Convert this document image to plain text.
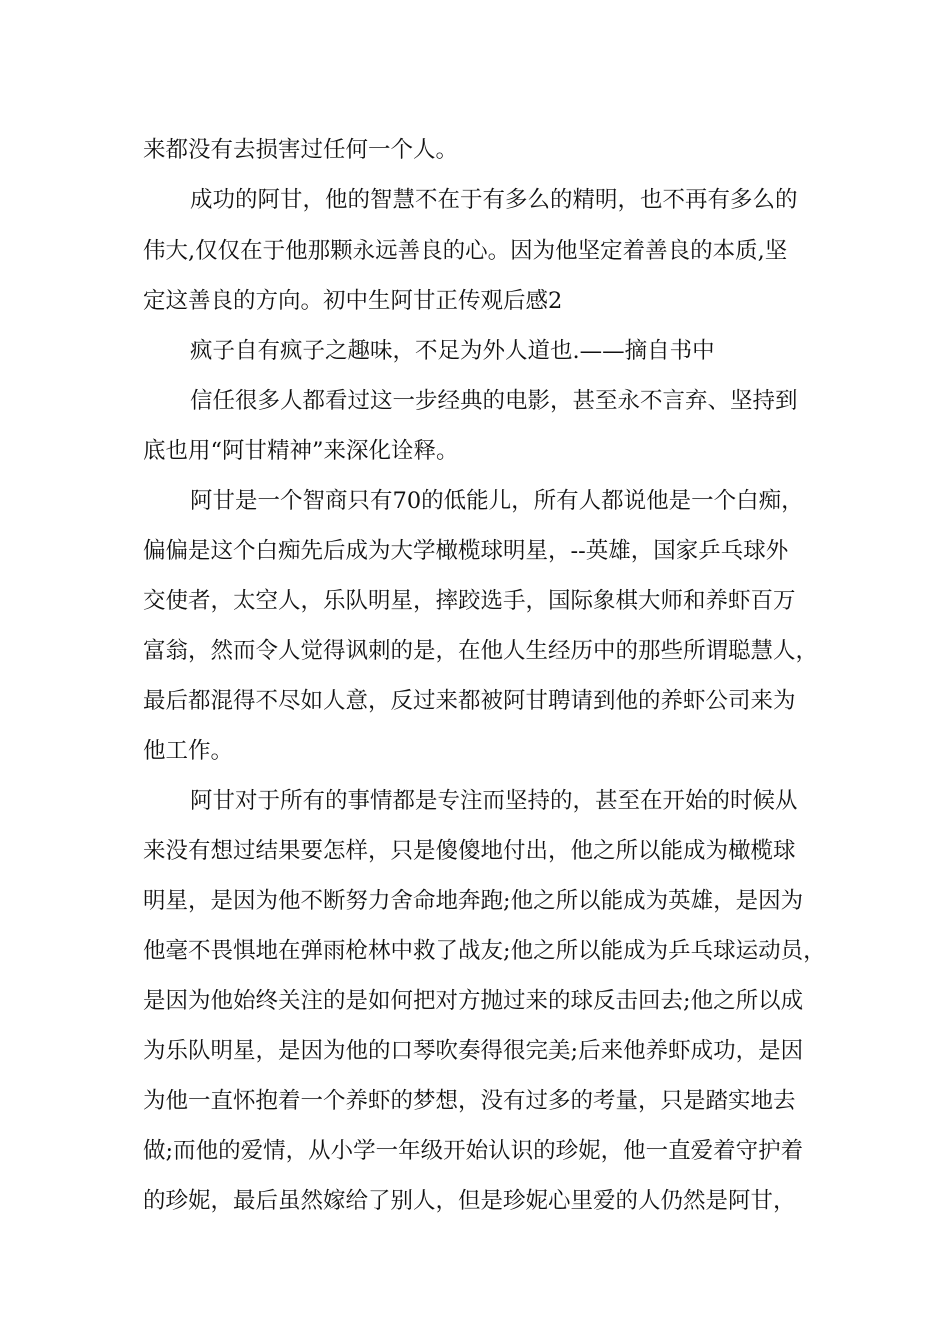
来都没有去损害过任何一个人。

成功的阿甘，他的智慧不在于有多么的精明，也不再有多么的

伟大,仅仅在于他那颗永远善良的心。因为他坚定着善良的本质,坚

定这善良的方向。初中生阿甘正传观后感2

疯子自有疯子之趣味，不足为外人道也.——摘自书中

信任很多人都看过这一步经典的电影，甚至永不言弃、坚持到

底也用“阿甘精神”来深化诠释。

阿甘是一个智商只有70的低能儿，所有人都说他是一个白痴，

偏偏是这个白痴先后成为大学橄榄球明星，--英雄，国家乒乓球外

交使者，太空人，乐队明星，摔跤选手，国际象棋大师和养虾百万

富翁，然而令人觉得讽刺的是，在他人生经历中的那些所谓聪慧人，

最后都混得不尽如人意，反过来都被阿甘聘请到他的养虾公司来为

他工作。

阿甘对于所有的事情都是专注而坚持的，甚至在开始的时候从

来没有想过结果要怎样，只是傻傻地付出，他之所以能成为橄榄球

明星，是因为他不断努力舍命地奔跑;他之所以能成为英雄，是因为

他毫不畏惧地在弹雨枪林中救了战友;他之所以能成为乒乓球运动员，

是因为他始终关注的是如何把对方抛过来的球反击回去;他之所以成

为乐队明星，是因为他的口琴吹奏得很完美;后来他养虾成功，是因

为他一直怀抱着一个养虾的梦想，没有过多的考量，只是踏实地去

做;而他的爱情，从小学一年级开始认识的珍妮，他一直爱着守护着

的珍妮，最后虽然嫁给了别人，但是珍妮心里爱的人仍然是阿甘，
